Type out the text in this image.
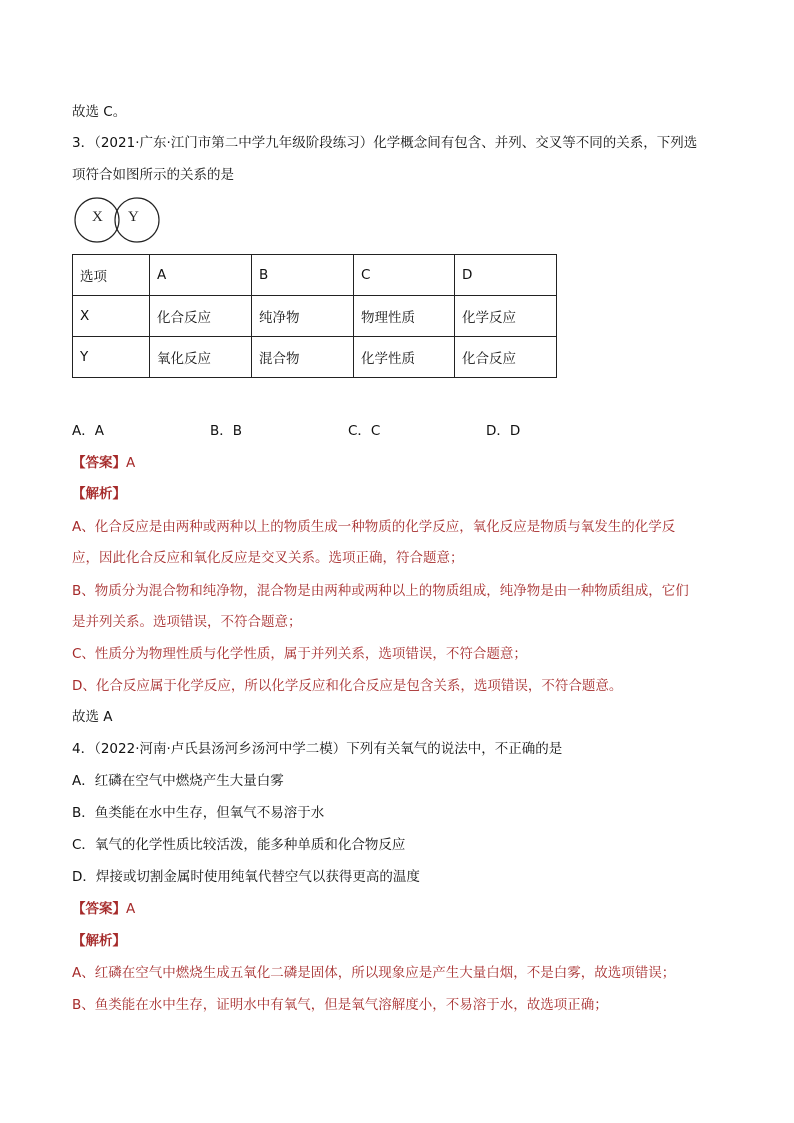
故选 C。
3．（2021·广东·江门市第二中学九年级阶段练习）化学概念间有包含、并列、交叉等不同的关系，下列选
项符合如图所示的关系的是
X Y
选项	A	B	C	D
X	化合反应	纯净物	物理性质	化学反应
Y	氧化反应	混合物	化学性质	化合反应
A．A	B．B	C．C	D．D
【答案】A
【解析】
A、化合反应是由两种或两种以上的物质生成一种物质的化学反应，氧化反应是物质与氧发生的化学反
应，因此化合反应和氧化反应是交叉关系。选项正确，符合题意；
B、物质分为混合物和纯净物，混合物是由两种或两种以上的物质组成，纯净物是由一种物质组成，它们
是并列关系。选项错误，不符合题意；
C、性质分为物理性质与化学性质，属于并列关系，选项错误，不符合题意；
D、化合反应属于化学反应，所以化学反应和化合反应是包含关系，选项错误，不符合题意。
故选 A
4．（2022·河南·卢氏县汤河乡汤河中学二模）下列有关氧气的说法中，不正确的是
A．红磷在空气中燃烧产生大量白雾
B．鱼类能在水中生存，但氧气不易溶于水
C．氧气的化学性质比较活泼，能多种单质和化合物反应
D．焊接或切割金属时使用纯氧代替空气以获得更高的温度
【答案】A
【解析】
A、红磷在空气中燃烧生成五氧化二磷是固体，所以现象应是产生大量白烟，不是白雾，故选项错误；
B、鱼类能在水中生存，证明水中有氧气，但是氧气溶解度小，不易溶于水，故选项正确；
